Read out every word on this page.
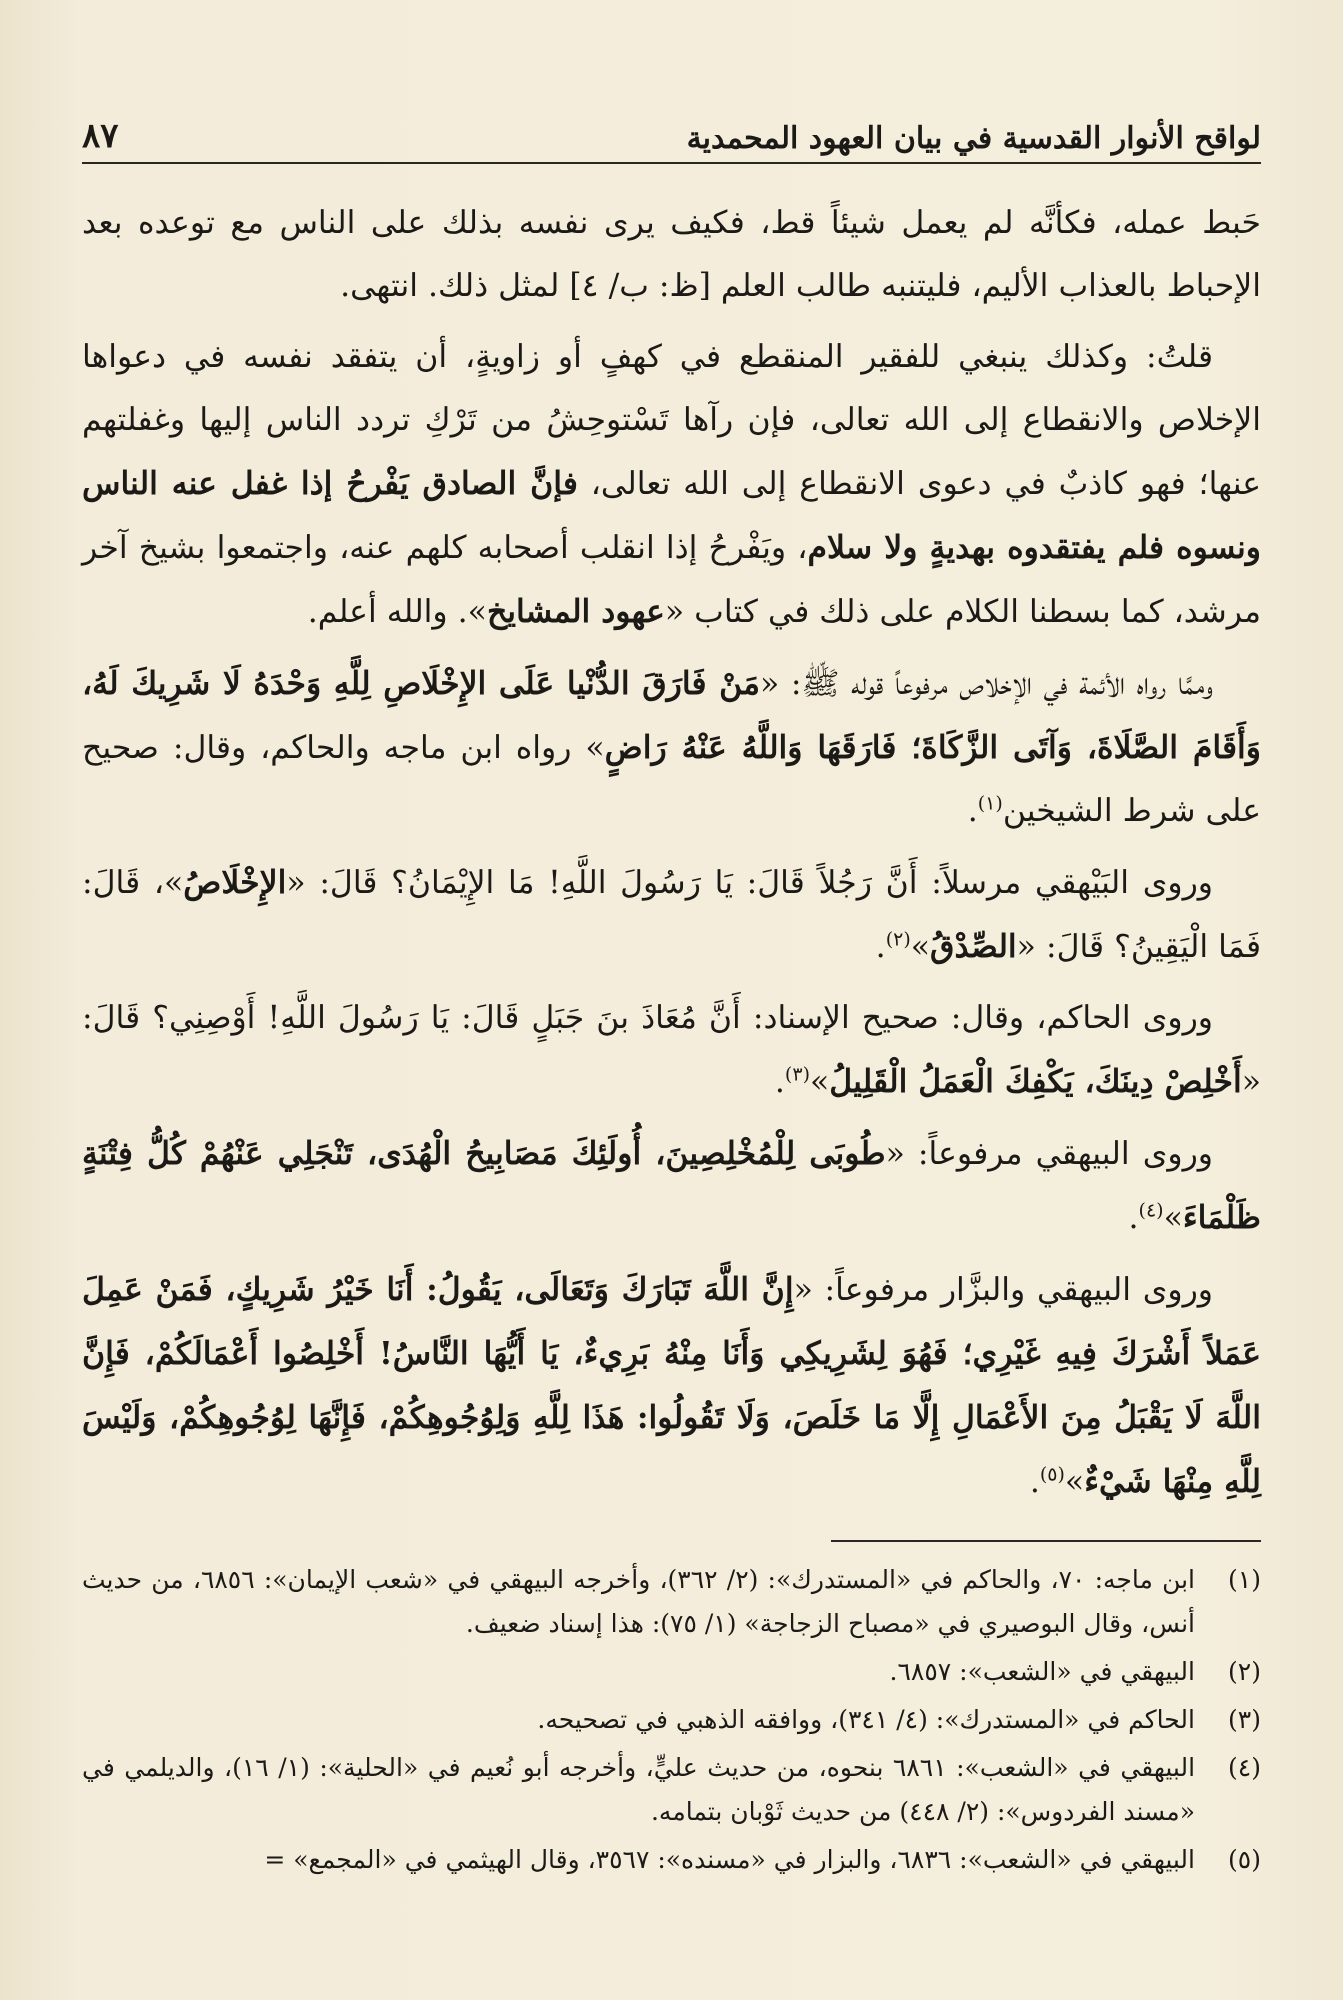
لواقح الأنوار القدسية في بيان العهود المحمدية
٨٧

حَبط عمله، فكأنَّه لم يعمل شيئاً قط، فكيف يرى نفسه بذلك على الناس مع توعده بعد الإحباط بالعذاب الأليم، فليتنبه طالب العلم [ظ: ب/ ٤] لمثل ذلك. انتهى.

قلتُ: وكذلك ينبغي للفقير المنقطع في كهفٍ أو زاويةٍ، أن يتفقد نفسه في دعواها الإخلاص والانقطاع إلى الله تعالى، فإن رآها تَسْتوحِشُ من تَرْكِ تردد الناس إليها وغفلتهم عنها؛ فهو كاذبٌ في دعوى الانقطاع إلى الله تعالى، فإنَّ الصادق يَفْرحُ إذا غفل عنه الناس ونسوه فلم يفتقدوه بهديةٍ ولا سلام، ويَفْرحُ إذا انقلب أصحابه كلهم عنه، واجتمعوا بشيخ آخر مرشد، كما بسطنا الكلام على ذلك في كتاب «عهود المشايخ». والله أعلم.

وممَّا رواه الأئمة في الإخلاص مرفوعاً قوله ﷺ: «مَنْ فَارَقَ الدُّنْيا عَلَى الإِخْلَاصِ لِلَّهِ وَحْدَهُ لَا شَرِيكَ لَهُ، وَأَقَامَ الصَّلَاةَ، وَآتَى الزَّكَاةَ؛ فَارَقَهَا وَاللَّهُ عَنْهُ رَاضٍ» رواه ابن ماجه والحاكم، وقال: صحيح على شرط الشيخين$^{(١)}$.

وروى البَيْهقي مرسلاً: أَنَّ رَجُلاً قَالَ: يَا رَسُولَ اللَّهِ! مَا الإِيْمَانُ؟ قَالَ: «الإِخْلَاصُ»، قَالَ: فَمَا الْيَقِينُ؟ قَالَ: «الصِّدْقُ»$^{(٢)}$.

وروى الحاكم، وقال: صحيح الإسناد: أَنَّ مُعَاذَ بنَ جَبَلٍ قَالَ: يَا رَسُولَ اللَّهِ! أَوْصِنِي؟ قَالَ: «أَخْلِصْ دِينَكَ، يَكْفِكَ الْعَمَلُ الْقَلِيلُ»$^{(٣)}$.

وروى البيهقي مرفوعاً: «طُوبَى لِلْمُخْلِصِينَ، أُولَئِكَ مَصَابِيحُ الْهُدَى، تَنْجَلِي عَنْهُمْ كُلُّ فِتْنَةٍ ظَلْمَاءَ»$^{(٤)}$.

وروى البيهقي والبزَّار مرفوعاً: «إِنَّ اللَّهَ تَبَارَكَ وَتَعَالَى، يَقُولُ: أَنَا خَيْرُ شَرِيكٍ، فَمَنْ عَمِلَ عَمَلاً أَشْرَكَ فِيهِ غَيْرِي؛ فَهُوَ لِشَرِيكِي وَأَنَا مِنْهُ بَرِيءٌ، يَا أَيُّهَا النَّاسُ! أَخْلِصُوا أَعْمَالَكُمْ، فَإِنَّ اللَّهَ لَا يَقْبَلُ مِنَ الأَعْمَالِ إِلَّا مَا خَلَصَ، وَلَا تَقُولُوا: هَذَا لِلَّهِ وَلِوُجُوهِكُمْ، فَإِنَّهَا لِوُجُوهِكُمْ، وَلَيْسَ لِلَّهِ مِنْهَا شَيْءٌ»$^{(٥)}$.

(١)
ابن ماجه: ٧٠، والحاكم في «المستدرك»: (٢/ ٣٦٢)، وأخرجه البيهقي في «شعب الإيمان»: ٦٨٥٦، من حديث أنس، وقال البوصيري في «مصباح الزجاجة» (١/ ٧٥): هذا إسناد ضعيف.
(٢)
البيهقي في «الشعب»: ٦٨٥٧.
(٣)
الحاكم في «المستدرك»: (٤/ ٣٤١)، ووافقه الذهبي في تصحيحه.
(٤)
البيهقي في «الشعب»: ٦٨٦١ بنحوه، من حديث عليٍّ، وأخرجه أبو نُعيم في «الحلية»: (١/ ١٦)، والديلمي في «مسند الفردوس»: (٢/ ٤٤٨) من حديث ثَوْبان بتمامه.
(٥)
البيهقي في «الشعب»: ٦٨٣٦، والبزار في «مسنده»: ٣٥٦٧، وقال الهيثمي في «المجمع» =
